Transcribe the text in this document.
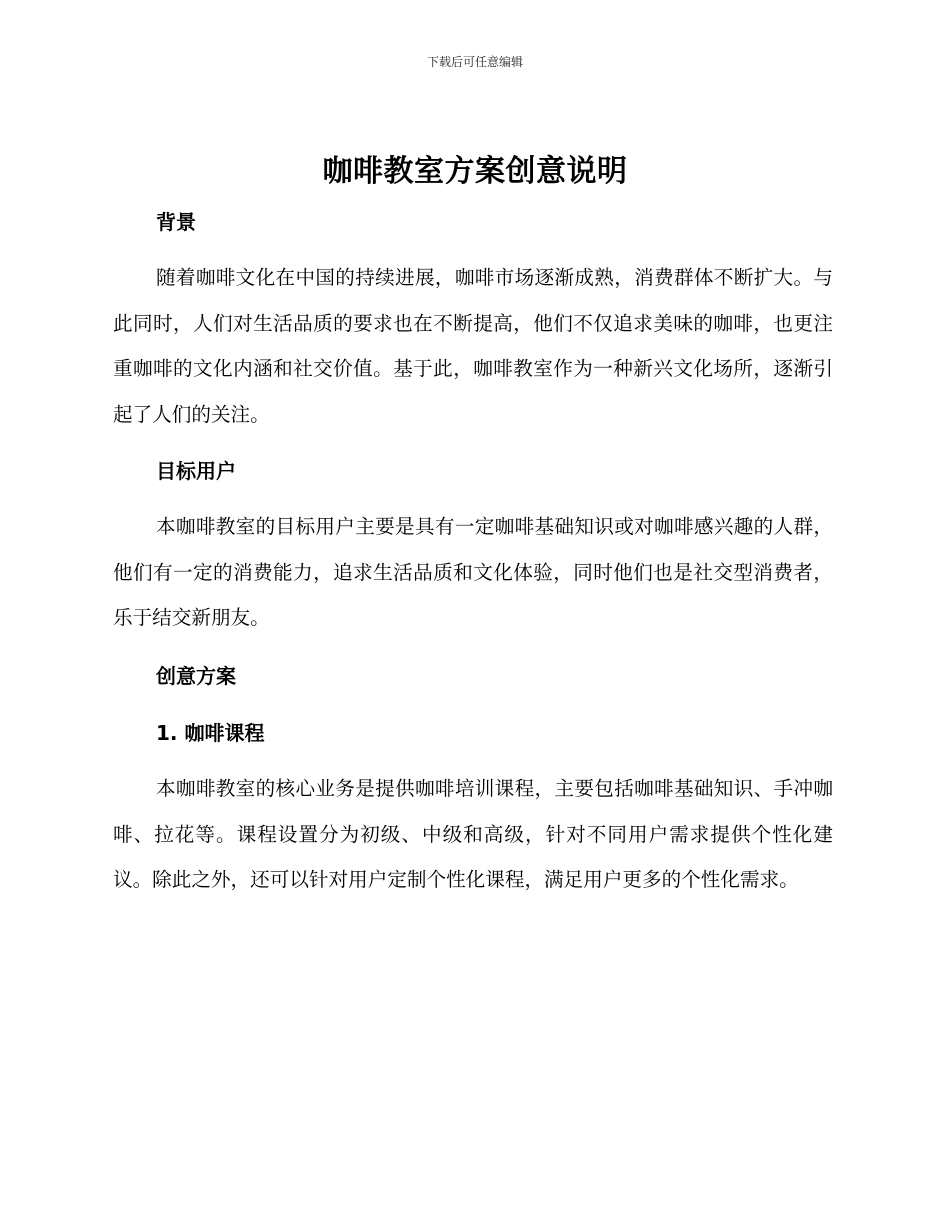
下载后可任意编辑
咖啡教室方案创意说明
背景

随着咖啡文化在中国的持续进展，咖啡市场逐渐成熟，消费群体不断扩大。与此同时，人们对生活品质的要求也在不断提高，他们不仅追求美味的咖啡，也更注重咖啡的文化内涵和社交价值。基于此，咖啡教室作为一种新兴文化场所，逐渐引起了人们的关注。

目标用户

本咖啡教室的目标用户主要是具有一定咖啡基础知识或对咖啡感兴趣的人群，他们有一定的消费能力，追求生活品质和文化体验，同时他们也是社交型消费者，乐于结交新朋友。

创意方案
1. 咖啡课程

本咖啡教室的核心业务是提供咖啡培训课程，主要包括咖啡基础知识、手冲咖啡、拉花等。课程设置分为初级、中级和高级，针对不同用户需求提供个性化建议。除此之外，还可以针对用户定制个性化课程，满足用户更多的个性化需求。
